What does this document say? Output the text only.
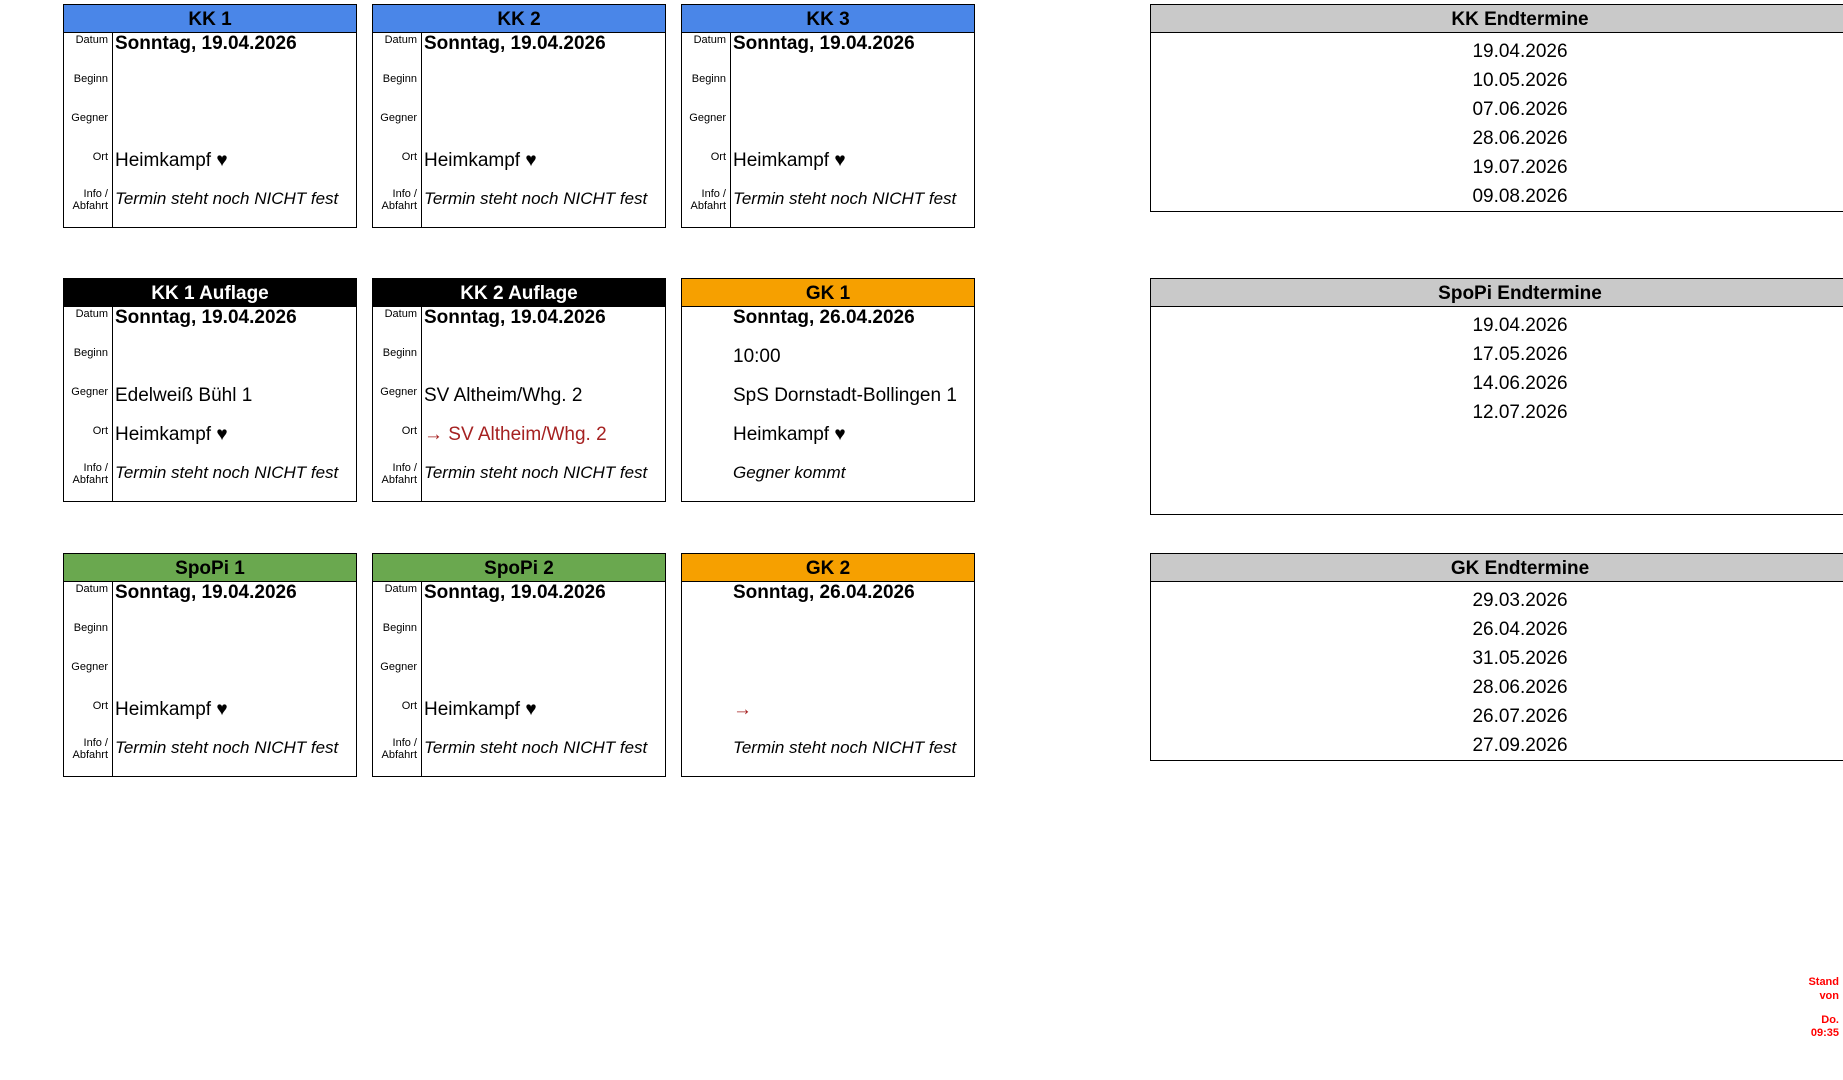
KK 1
Datum Sonntag, 19.04.2026
Beginn
Gegner
Ort Heimkampf ♥
Info /
Abfahrt Termin steht noch NICHT fest
KK 2
Datum Sonntag, 19.04.2026
Beginn
Gegner
Ort Heimkampf ♥
Info /
Abfahrt Termin steht noch NICHT fest
KK 3
Datum Sonntag, 19.04.2026
Beginn
Gegner
Ort Heimkampf ♥
Info /
Abfahrt Termin steht noch NICHT fest
KK 1 Auflage
Datum Sonntag, 19.04.2026
Beginn
Gegner Edelweiß Bühl 1
Ort Heimkampf ♥
Info /
Abfahrt Termin steht noch NICHT fest
KK 2 Auflage
Datum Sonntag, 19.04.2026
Beginn
Gegner SV Altheim/Whg. 2
Ort → SV Altheim/Whg. 2
Info /
Abfahrt Termin steht noch NICHT fest
GK 1
Sonntag, 26.04.2026
10:00
SpS Dornstadt-Bollingen 1
Heimkampf ♥
Gegner kommt
SpoPi 1
Datum Sonntag, 19.04.2026
Beginn
Gegner
Ort Heimkampf ♥
Info /
Abfahrt Termin steht noch NICHT fest
SpoPi 2
Datum Sonntag, 19.04.2026
Beginn
Gegner
Ort Heimkampf ♥
Info /
Abfahrt Termin steht noch NICHT fest
GK 2
Sonntag, 26.04.2026
→
Termin steht noch NICHT fest
KK Endtermine
19.04.2026
10.05.2026
07.06.2026
28.06.2026
19.07.2026
09.08.2026
SpoPi Endtermine
19.04.2026
17.05.2026
14.06.2026
12.07.2026

GK Endtermine
29.03.2026
26.04.2026
31.05.2026
28.06.2026
26.07.2026
27.09.2026
Stand
von
Do.
09:35
